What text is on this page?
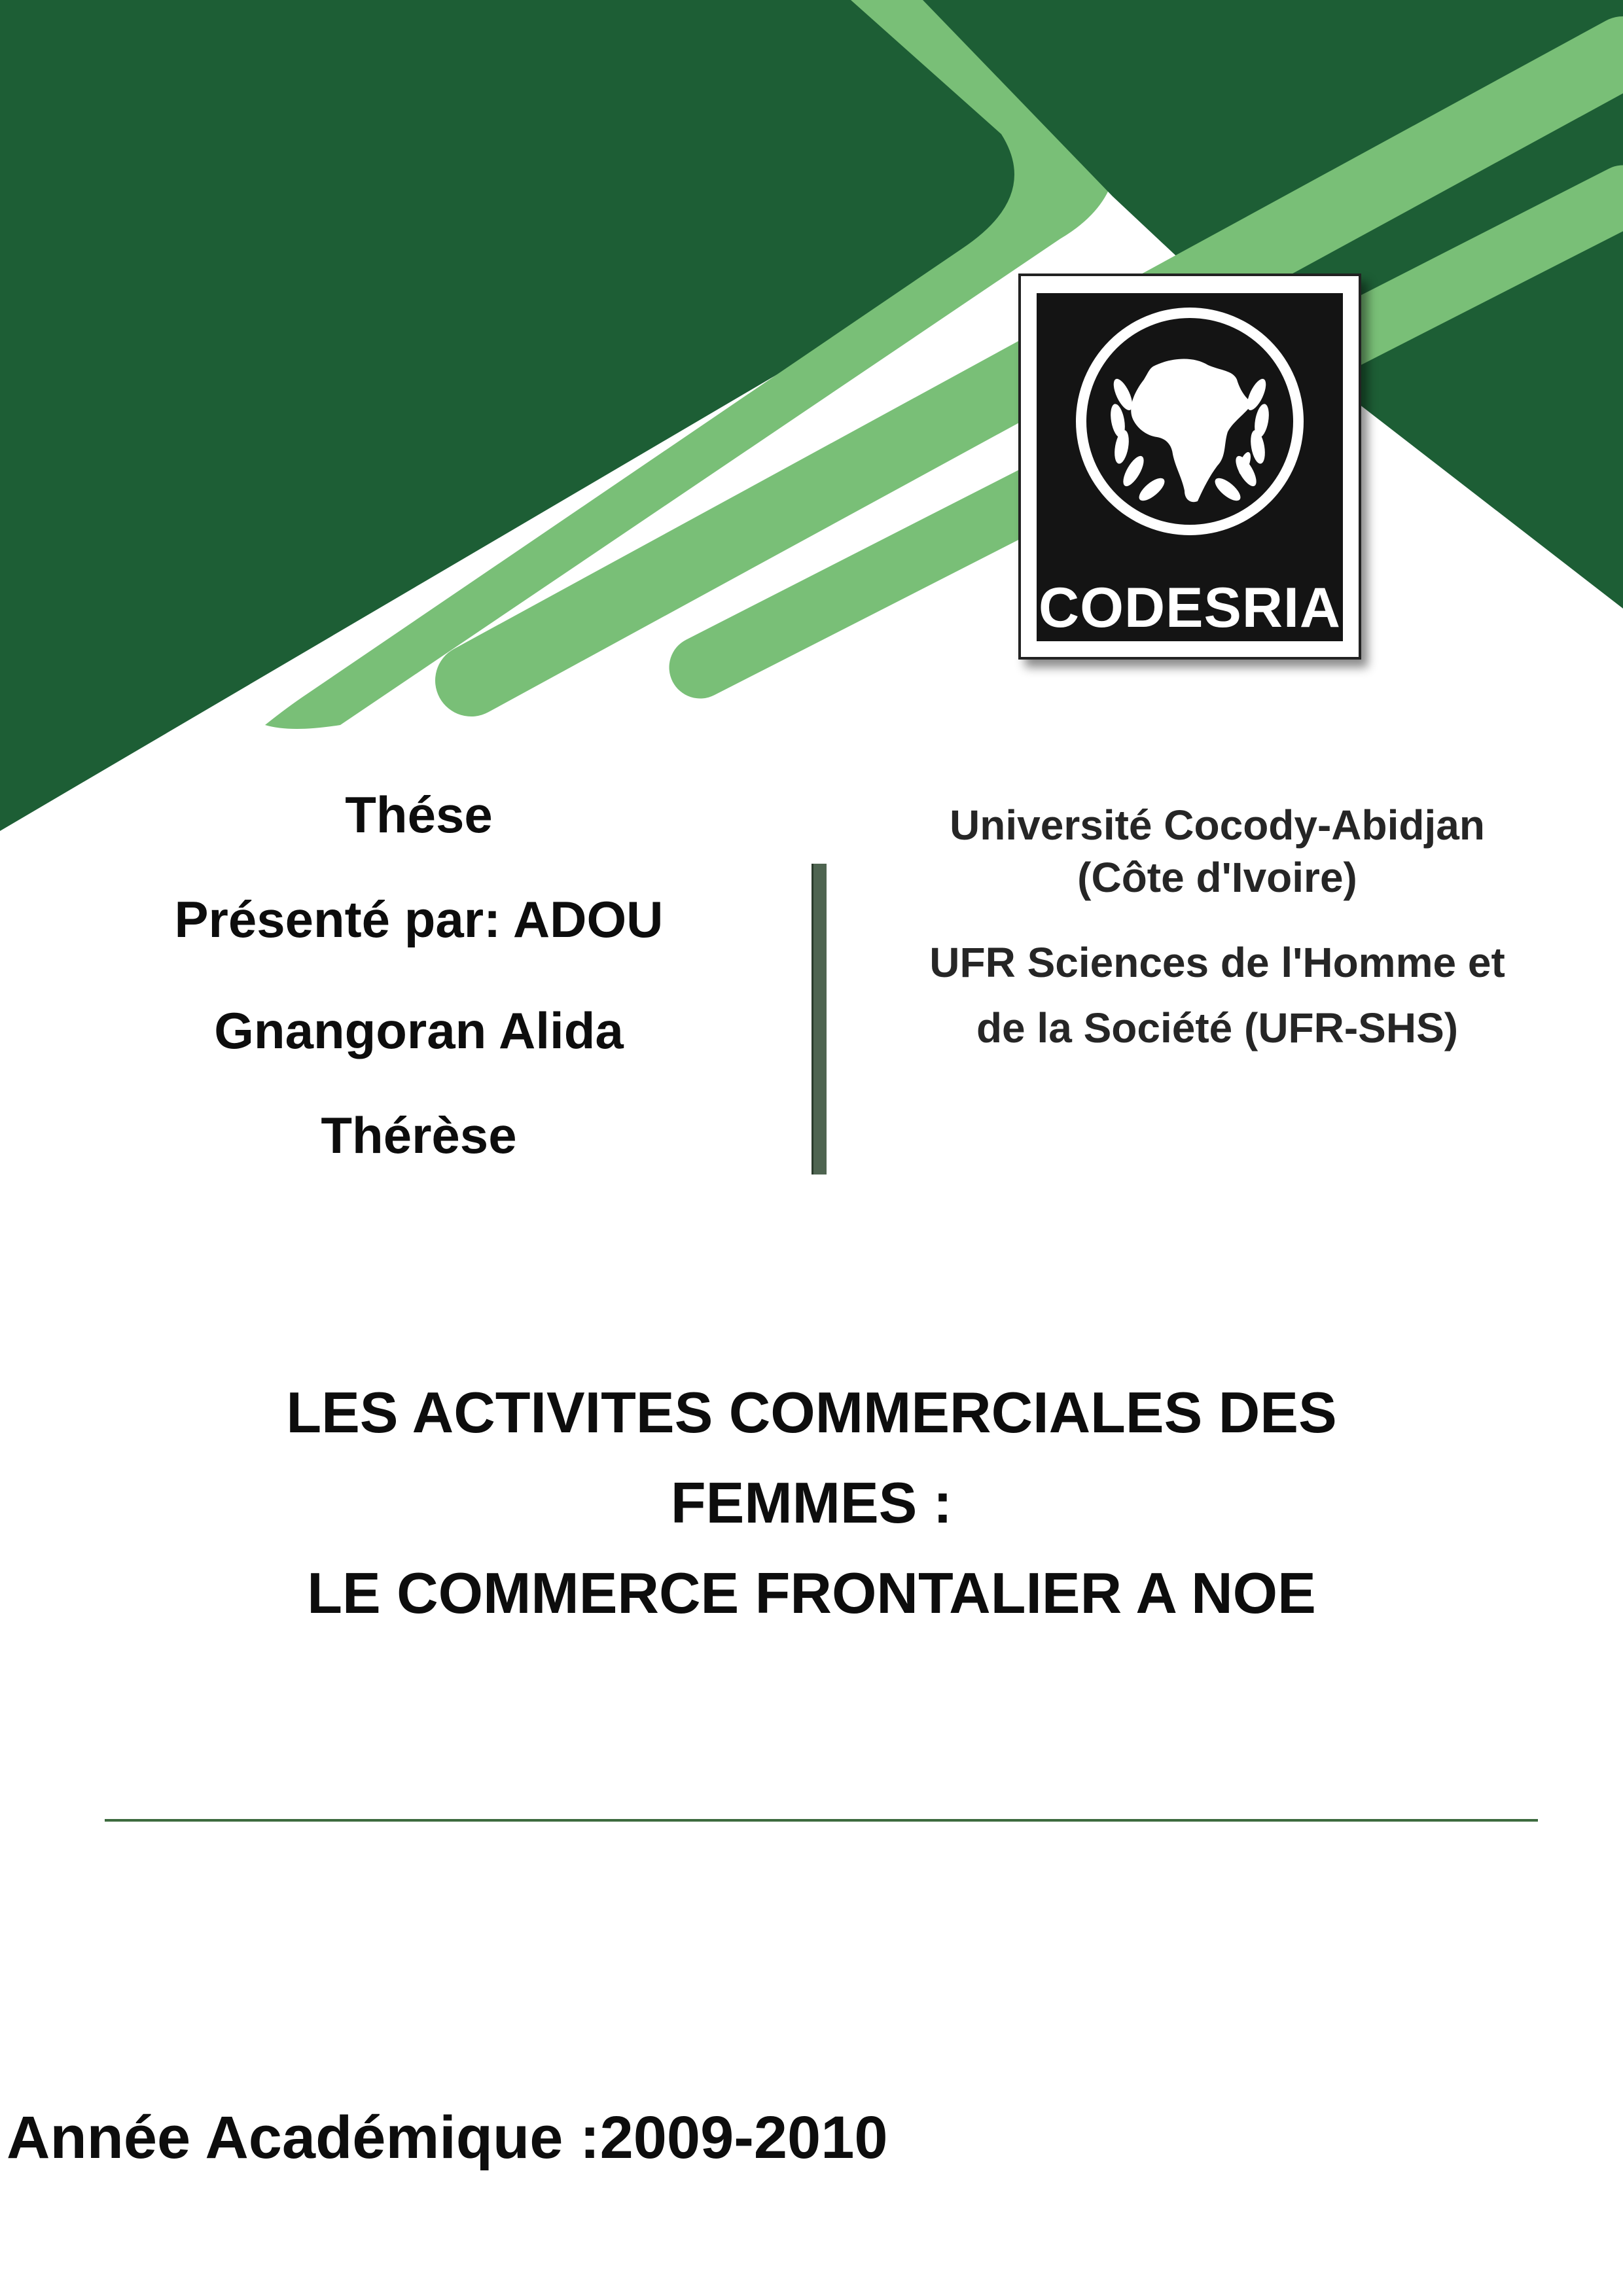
CODESRIA
Thése
Présenté par: ADOU
Gnangoran Alida
Thérèse
Université Cocody-Abidjan
(Côte d'Ivoire)
UFR Sciences de l'Homme et
de la Société (UFR-SHS)
LES ACTIVITES COMMERCIALES DES
FEMMES :
LE COMMERCE FRONTALIER A NOE
Année Académique :2009-2010
